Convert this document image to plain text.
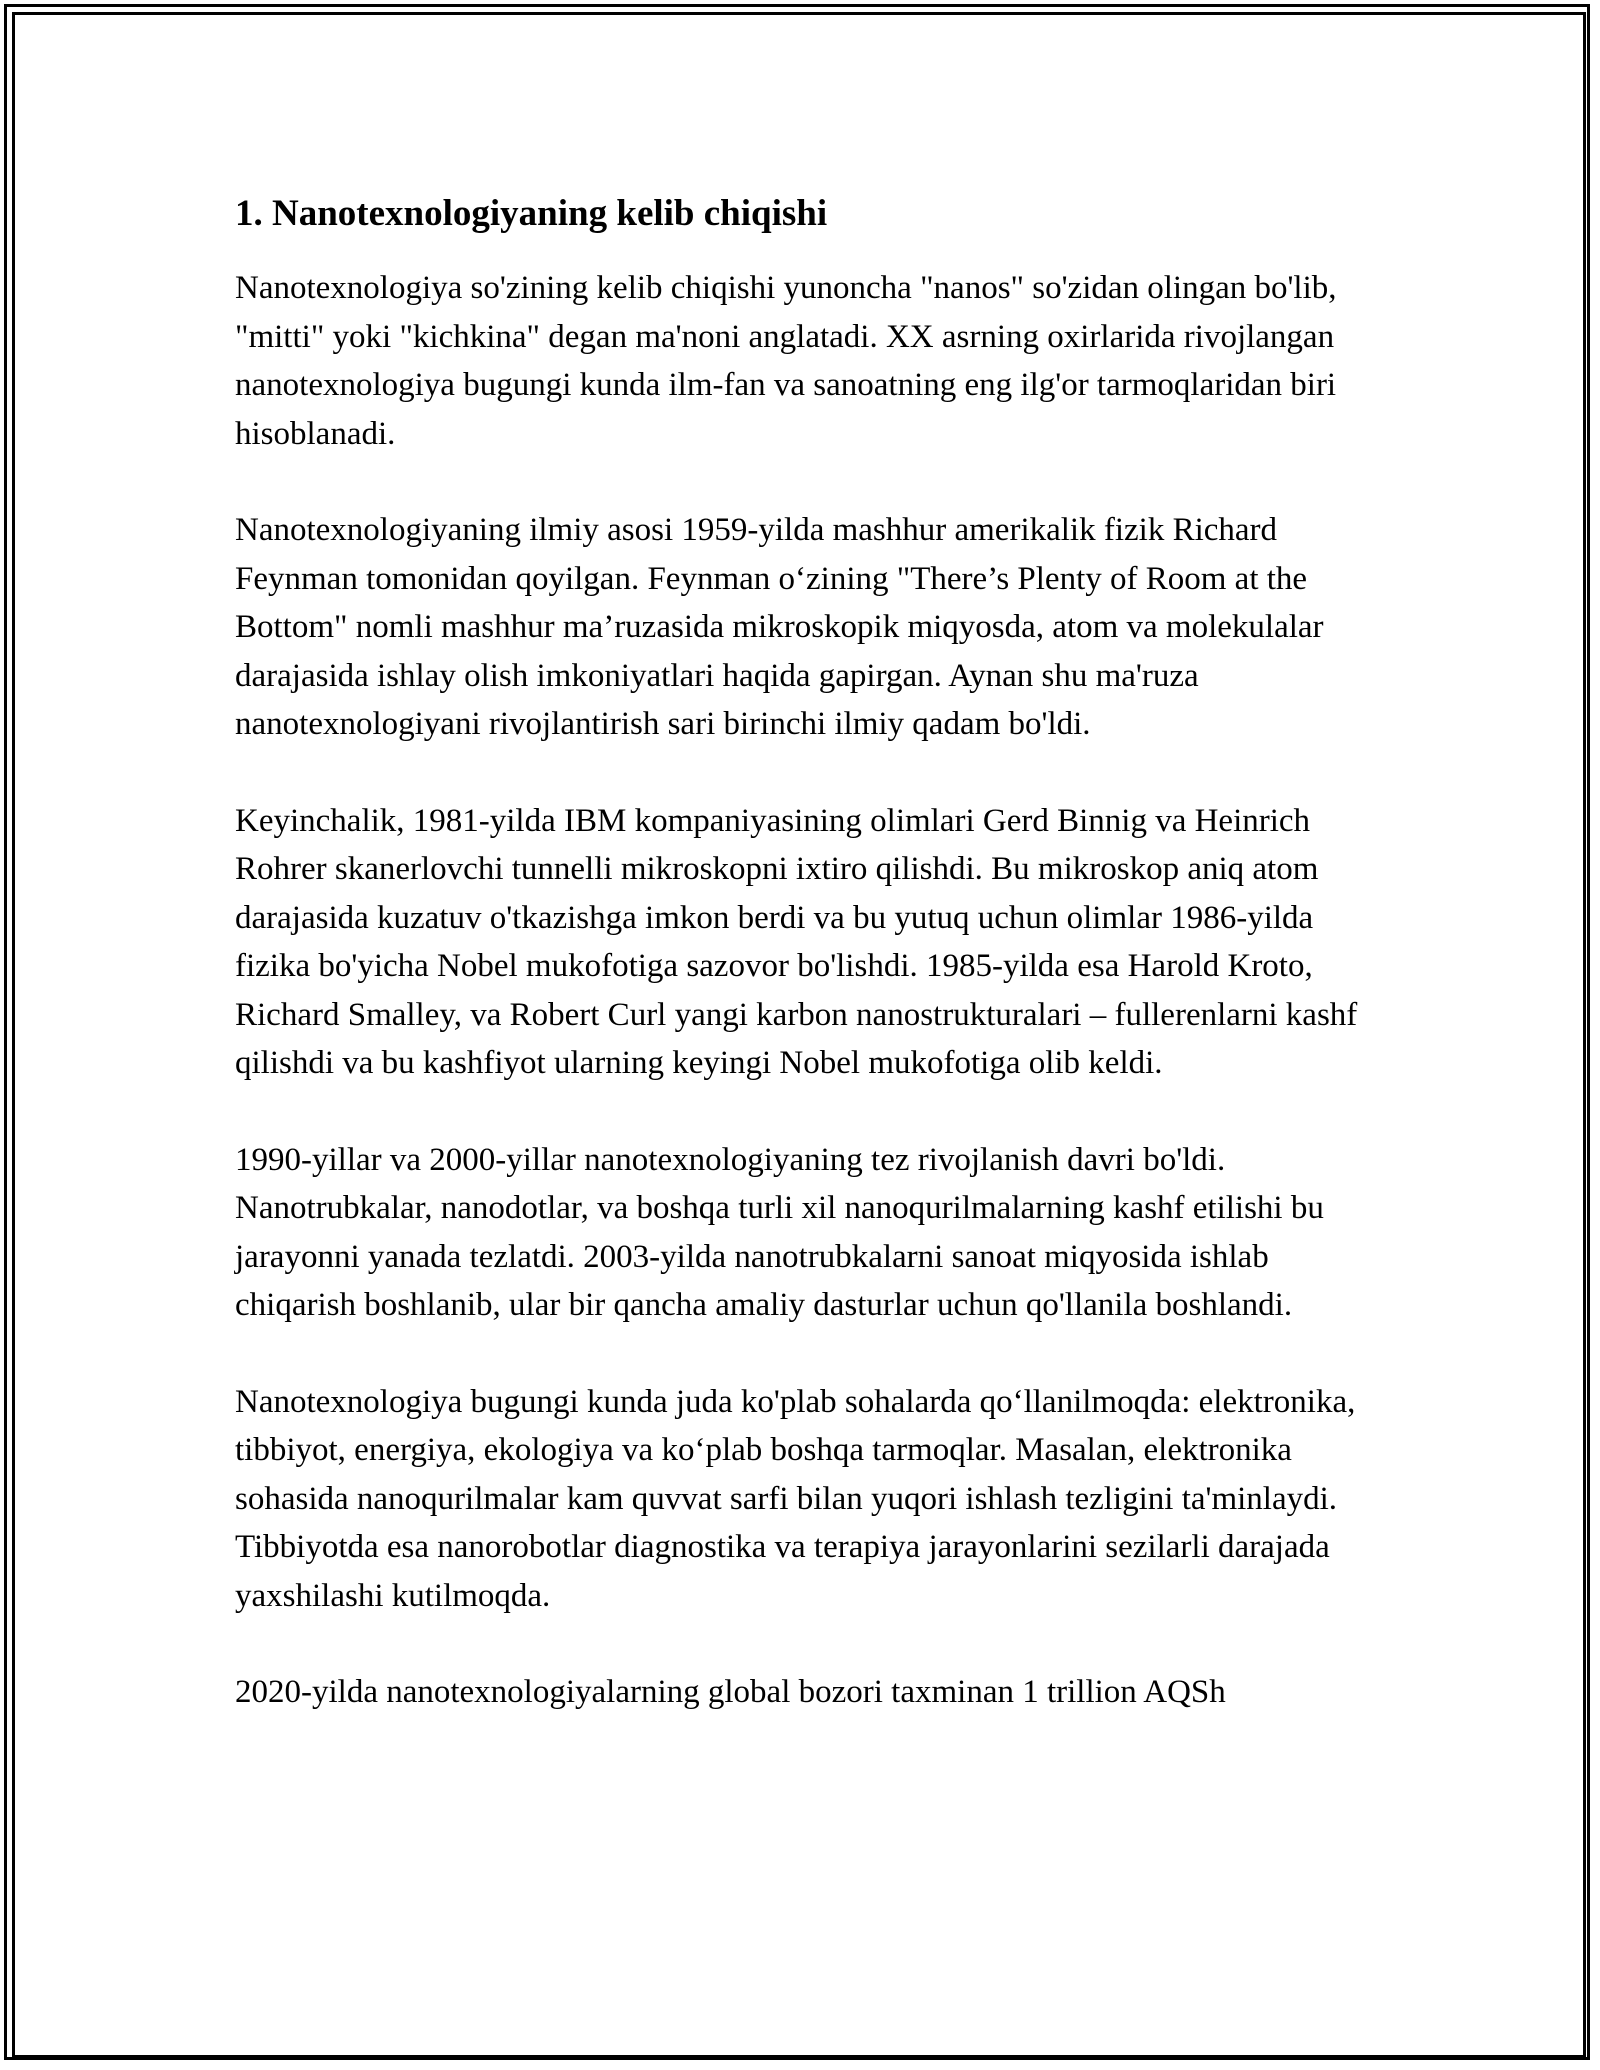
1. Nanotexnologiyaning kelib chiqishi

Nanotexnologiya so'zining kelib chiqishi yunoncha "nanos" so'zidan olingan bo'lib, "mitti" yoki "kichkina" degan ma'noni anglatadi. XX asrning oxirlarida rivojlangan nanotexnologiya bugungi kunda ilm-fan va sanoatning eng ilg'or tarmoqlaridan biri hisoblanadi.

Nanotexnologiyaning ilmiy asosi 1959-yilda mashhur amerikalik fizik Richard Feynman tomonidan qoyilgan. Feynman o‘zining "There’s Plenty of Room at the Bottom" nomli mashhur ma’ruzasida mikroskopik miqyosda, atom va molekulalar darajasida ishlay olish imkoniyatlari haqida gapirgan. Aynan shu ma'ruza nanotexnologiyani rivojlantirish sari birinchi ilmiy qadam bo'ldi.

Keyinchalik, 1981-yilda IBM kompaniyasining olimlari Gerd Binnig va Heinrich Rohrer skanerlovchi tunnelli mikroskopni ixtiro qilishdi. Bu mikroskop aniq atom darajasida kuzatuv o'tkazishga imkon berdi va bu yutuq uchun olimlar 1986-yilda fizika bo'yicha Nobel mukofotiga sazovor bo'lishdi. 1985-yilda esa Harold Kroto, Richard Smalley, va Robert Curl yangi karbon nanostrukturalari – fullerenlarni kashf qilishdi va bu kashfiyot ularning keyingi Nobel mukofotiga olib keldi.

1990-yillar va 2000-yillar nanotexnologiyaning tez rivojlanish davri bo'ldi. Nanotrubkalar, nanodotlar, va boshqa turli xil nanoqurilmalarning kashf etilishi bu jarayonni yanada tezlatdi. 2003-yilda nanotrubkalarni sanoat miqyosida ishlab chiqarish boshlanib, ular bir qancha amaliy dasturlar uchun qo'llanila boshlandi.

Nanotexnologiya bugungi kunda juda ko'plab sohalarda qo‘llanilmoqda: elektronika, tibbiyot, energiya, ekologiya va ko‘plab boshqa tarmoqlar. Masalan, elektronika sohasida nanoqurilmalar kam quvvat sarfi bilan yuqori ishlash tezligini ta'minlaydi. Tibbiyotda esa nanorobotlar diagnostika va terapiya jarayonlarini sezilarli darajada yaxshilashi kutilmoqda.

2020-yilda nanotexnologiyalarning global bozori taxminan 1 trillion AQSh
